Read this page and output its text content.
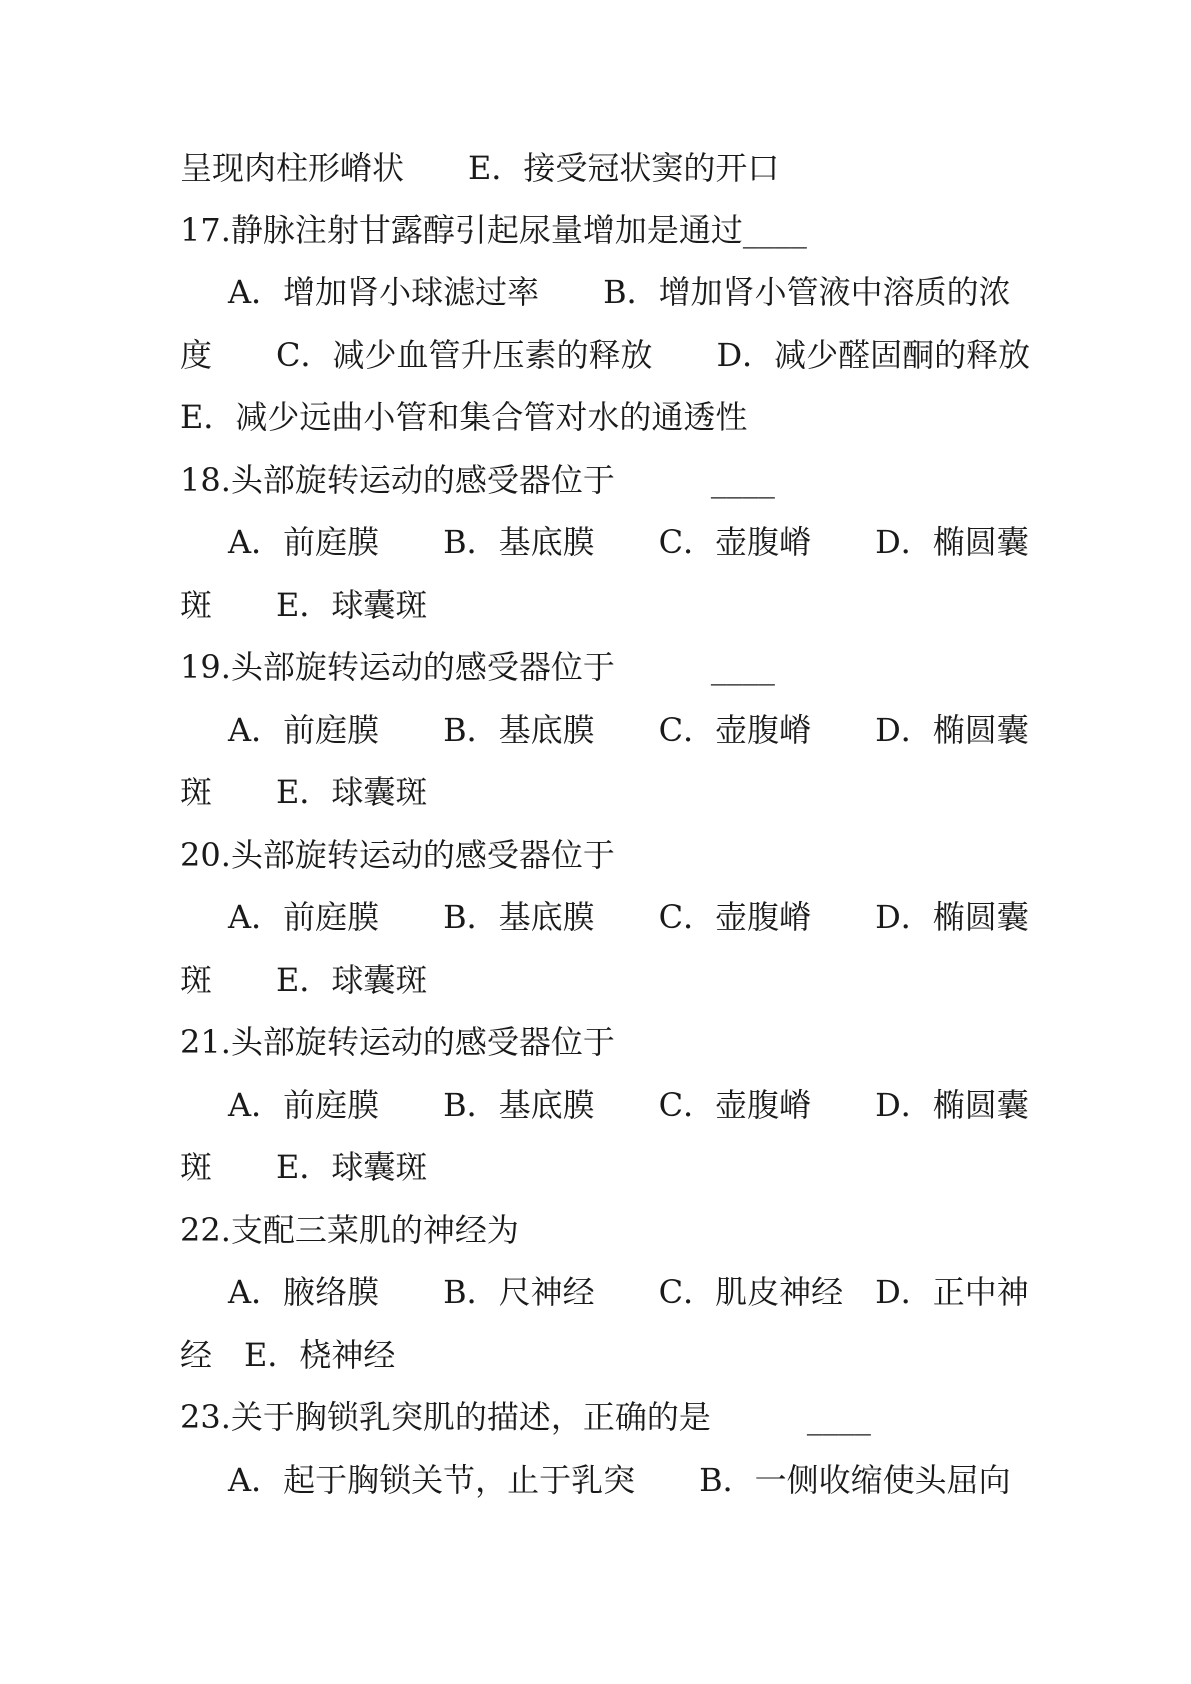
呈现肉柱形嵴状　　E．接受冠状窦的开口
17.静脉注射甘露醇引起尿量增加是通过____
A．增加肾小球滤过率　　B．增加肾小管液中溶质的浓
度　　C．减少血管升压素的释放　　D．减少醛固酮的释放
E．减少远曲小管和集合管对水的通透性
18.头部旋转运动的感受器位于　　　____
A．前庭膜　　B．基底膜　　C．壶腹嵴　　D．椭圆囊
斑　　E．球囊斑
19.头部旋转运动的感受器位于　　　____
A．前庭膜　　B．基底膜　　C．壶腹嵴　　D．椭圆囊
斑　　E．球囊斑
20.头部旋转运动的感受器位于
A．前庭膜　　B．基底膜　　C．壶腹嵴　　D．椭圆囊
斑　　E．球囊斑
21.头部旋转运动的感受器位于
A．前庭膜　　B．基底膜　　C．壶腹嵴　　D．椭圆囊
斑　　E．球囊斑
22.支配三菜肌的神经为
A．腋络膜　　B．尺神经　　C．肌皮神经　D．正中神
经　E．桡神经
23.关于胸锁乳突肌的描述，正确的是　　　____
A．起于胸锁关节，止于乳突　　B．一侧收缩使头屈向
